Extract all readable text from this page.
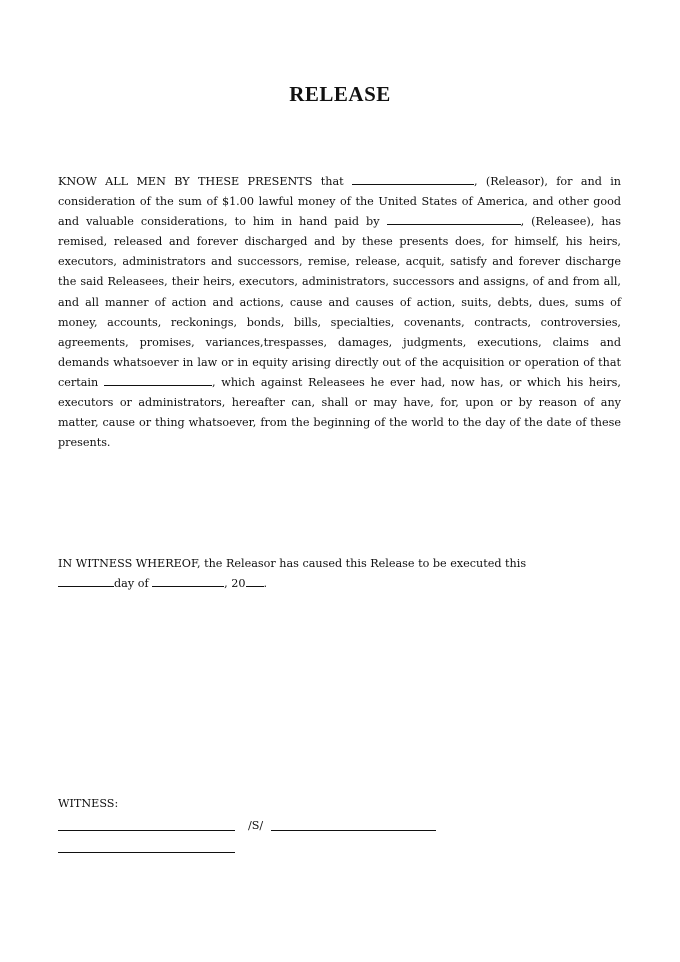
RELEASE
KNOW ALL MEN BY THESE PRESENTS that	, (Releasor), for and in consideration of the sum of $1.00 lawful money of the United States of America, and other good and valuable considerations, to him in hand paid by	, (Releasee), has remised, released and forever discharged and by these presents does, for himself, his heirs, executors, administrators and successors, remise, release, acquit, satisfy and forever discharge the said Releasees, their heirs, executors, administrators, successors and assigns, of and from all, and all manner of action and actions, cause and causes of action, suits, debts, dues, sums of money, accounts, reckonings, bonds, bills, specialties, covenants, contracts, controversies, agreements, promises, variances,trespasses, damages, judgments, executions, claims and demands whatsoever in law or in equity arising directly out of the acquisition or operation of that certain	, which against Releasees he ever had, now has, or which his heirs, executors or administrators, hereafter can, shall or may have, for, upon or by reason of any matter, cause or thing whatsoever, from the beginning of the world to the day of the date of these presents.
IN WITNESS WHEREOF, the Releasor has caused this Release to be executed this
day of	, 20 .
WITNESS:
/S/
